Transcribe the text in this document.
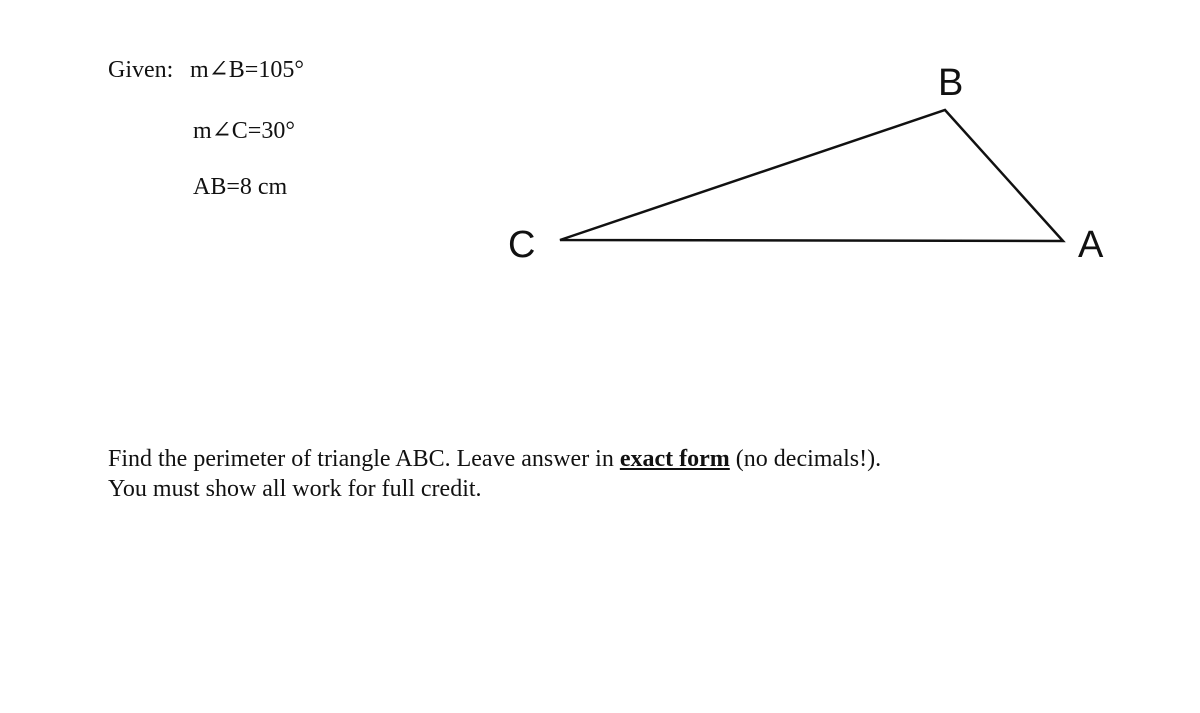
Given: m∠B=105°
m∠C=30°
AB=8 cm
B
A
C
Find the perimeter of triangle ABC. Leave answer in exact form (no decimals!).
You must show all work for full credit.
